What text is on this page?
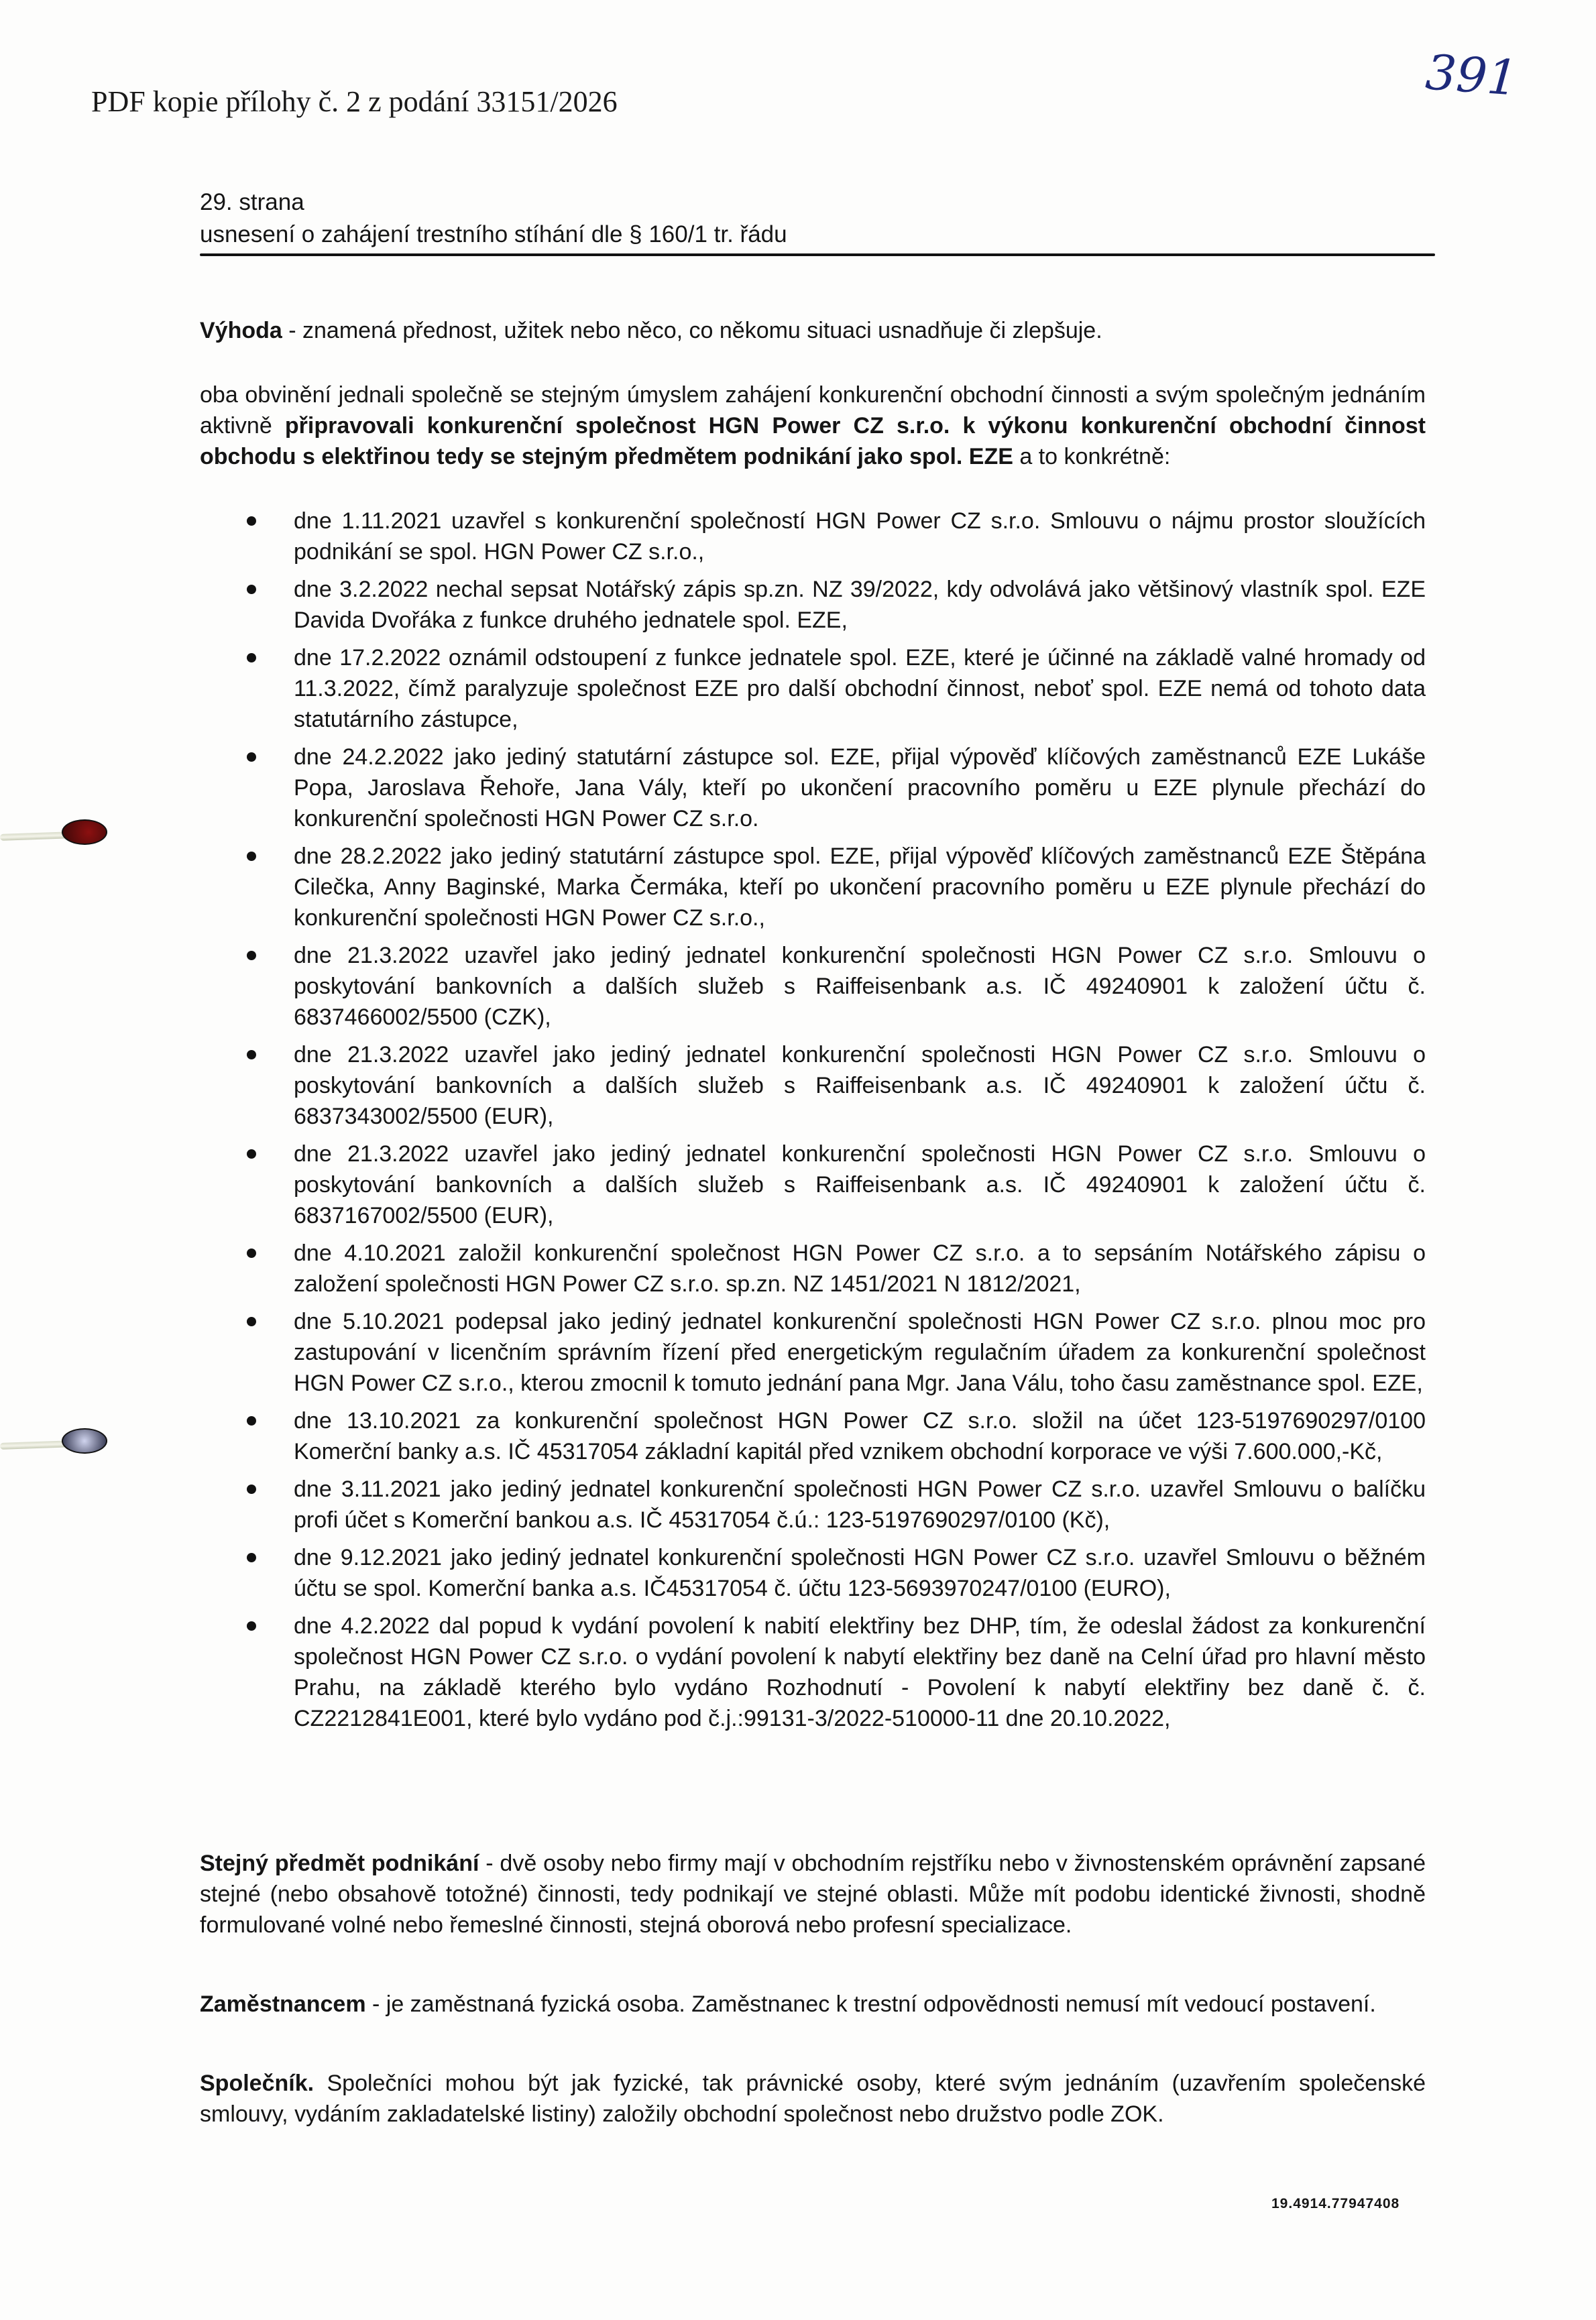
PDF kopie přílohy č. 2 z podání 33151/2026	391
29. strana
usnesení o zahájení trestního stíhání dle § 160/1 tr. řádu

Výhoda - znamená přednost, užitek nebo něco, co někomu situaci usnadňuje či zlepšuje.

oba obvinění jednali společně se stejným úmyslem zahájení konkurenční obchodní činnosti a svým společným jednáním aktivně připravovali konkurenční společnost HGN Power CZ s.r.o. k výkonu konkurenční obchodní činnost obchodu s elektřinou tedy se stejným předmětem podnikání jako spol. EZE a to konkrétně:

dne 1.11.2021 uzavřel s konkurenční společností HGN Power CZ s.r.o. Smlouvu o nájmu prostor sloužících podnikání se spol. HGN Power CZ s.r.o.,
dne 3.2.2022 nechal sepsat Notářský zápis sp.zn. NZ 39/2022, kdy odvolává jako většinový vlastník spol. EZE Davida Dvořáka z funkce druhého jednatele spol. EZE,
dne 17.2.2022 oznámil odstoupení z funkce jednatele spol. EZE, které je účinné na základě valné hromady od 11.3.2022, čímž paralyzuje společnost EZE pro další obchodní činnost, neboť spol. EZE nemá od tohoto data statutárního zástupce,
dne 24.2.2022 jako jediný statutární zástupce sol. EZE, přijal výpověď klíčových zaměstnanců EZE Lukáše Popa, Jaroslava Řehoře, Jana Vály, kteří po ukončení pracovního poměru u EZE plynule přechází do konkurenční společnosti HGN Power CZ s.r.o.
dne 28.2.2022 jako jediný statutární zástupce spol. EZE, přijal výpověď klíčových zaměstnanců EZE Štěpána Cilečka, Anny Baginské, Marka Čermáka, kteří po ukončení pracovního poměru u EZE plynule přechází do konkurenční společnosti HGN Power CZ s.r.o.,
dne 21.3.2022 uzavřel jako jediný jednatel konkurenční společnosti HGN Power CZ s.r.o. Smlouvu o poskytování bankovních a dalších služeb s Raiffeisenbank a.s. IČ 49240901 k založení účtu č. 6837466002/5500 (CZK),
dne 21.3.2022 uzavřel jako jediný jednatel konkurenční společnosti HGN Power CZ s.r.o. Smlouvu o poskytování bankovních a dalších služeb s Raiffeisenbank a.s. IČ 49240901 k založení účtu č. 6837343002/5500 (EUR),
dne 21.3.2022 uzavřel jako jediný jednatel konkurenční společnosti HGN Power CZ s.r.o. Smlouvu o poskytování bankovních a dalších služeb s Raiffeisenbank a.s. IČ 49240901 k založení účtu č. 6837167002/5500 (EUR),
dne 4.10.2021 založil konkurenční společnost HGN Power CZ s.r.o. a to sepsáním Notářského zápisu o založení společnosti HGN Power CZ s.r.o. sp.zn. NZ 1451/2021 N 1812/2021,
dne 5.10.2021 podepsal jako jediný jednatel konkurenční společnosti HGN Power CZ s.r.o. plnou moc pro zastupování v licenčním správním řízení před energetickým regulačním úřadem za konkurenční společnost HGN Power CZ s.r.o., kterou zmocnil k tomuto jednání pana Mgr. Jana Válu, toho času zaměstnance spol. EZE,
dne 13.10.2021 za konkurenční společnost HGN Power CZ s.r.o. složil na účet 123-5197690297/0100 Komerční banky a.s. IČ 45317054 základní kapitál před vznikem obchodní korporace ve výši 7.600.000,-Kč,
dne 3.11.2021 jako jediný jednatel konkurenční společnosti HGN Power CZ s.r.o. uzavřel Smlouvu o balíčku profi účet s Komerční bankou a.s. IČ 45317054 č.ú.: 123-5197690297/0100 (Kč),
dne 9.12.2021 jako jediný jednatel konkurenční společnosti HGN Power CZ s.r.o. uzavřel Smlouvu o běžném účtu se spol. Komerční banka a.s. IČ45317054 č. účtu 123-5693970247/0100 (EURO),
dne 4.2.2022 dal popud k vydání povolení k nabití elektřiny bez DHP, tím, že odeslal žádost za konkurenční společnost HGN Power CZ s.r.o. o vydání povolení k nabytí elektřiny bez daně na Celní úřad pro hlavní město Prahu, na základě kterého bylo vydáno Rozhodnutí - Povolení k nabytí elektřiny bez daně č. č. CZ2212841E001, které bylo vydáno pod č.j.:99131-3/2022-510000-11 dne 20.10.2022,

Stejný předmět podnikání - dvě osoby nebo firmy mají v obchodním rejstříku nebo v živnostenském oprávnění zapsané stejné (nebo obsahově totožné) činnosti, tedy podnikají ve stejné oblasti. Může mít podobu identické živnosti, shodně formulované volné nebo řemeslné činnosti, stejná oborová nebo profesní specializace.

Zaměstnancem - je zaměstnaná fyzická osoba. Zaměstnanec k trestní odpovědnosti nemusí mít vedoucí postavení.

Společník. Společníci mohou být jak fyzické, tak právnické osoby, které svým jednáním (uzavřením společenské smlouvy, vydáním zakladatelské listiny) založily obchodní společnost nebo družstvo podle ZOK.

19.4914.77947408
